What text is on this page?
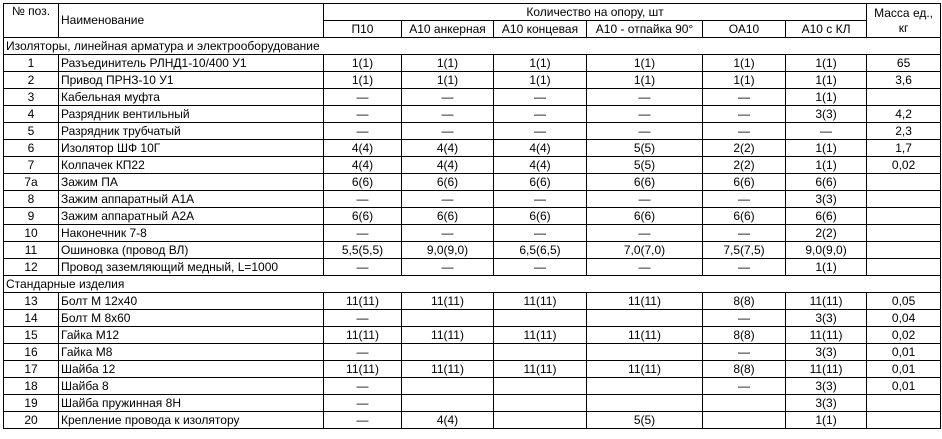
№ поз.	Наименование	Количество на опору, шт						Масса ед.,
кг

		П10	А10 анкерная	А10 концевая	А10 - отпайка 90°	ОА10	А10 с КЛ	
Изоляторы, линейная арматура и электрооборудование								
1	Разъединитель РЛНД1-10/400 У1	1(1)	1(1)	1(1)	1(1)	1(1)	1(1)	65
2	Привод ПРНЗ-10 У1	1(1)	1(1)	1(1)	1(1)	1(1)	1(1)	3,6
3	Кабельная муфта	—	—	—	—	—	1(1)	
4	Разрядник вентильный	—	—	—	—	—	3(3)	4,2
5	Разрядник трубчатый	—	—	—	—	—	—	2,3
6	Изолятор ШФ 10Г	4(4)	4(4)	4(4)	5(5)	2(2)	1(1)	1,7
7	Колпачек КП22	4(4)	4(4)	4(4)	5(5)	2(2)	1(1)	0,02
7а	Зажим ПА	6(6)	6(6)	6(6)	6(6)	6(6)	6(6)	
8	Зажим аппаратный А1А	—	—	—	—	—	3(3)	
9	Зажим аппаратный А2А	6(6)	6(6)	6(6)	6(6)	6(6)	6(6)	
10	Наконечник 7-8	—	—	—	—	—	2(2)	
11	Ошиновка (провод ВЛ)	5,5(5,5)	9,0(9,0)	6,5(6,5)	7,0(7,0)	7,5(7,5)	9,0(9,0)	
12	Провод заземляющий медный, L=1000	—	—	—	—	—	1(1)	
Стандарные изделия								
13	Болт М 12х40	11(11)	11(11)	11(11)	11(11)	8(8)	11(11)	0,05
14	Болт М 8х60	—				—	3(3)	0,04
15	Гайка М12	11(11)	11(11)	11(11)	11(11)	8(8)	11(11)	0,02
16	Гайка М8	—				—	3(3)	0,01
17	Шайба 12	11(11)	11(11)	11(11)	11(11)	8(8)	11(11)	0,01
18	Шайба 8	—				—	3(3)	0,01
19	Шайба пружинная 8Н	—					3(3)	
20	Крепление провода к изолятору	—	4(4)		5(5)		1(1)	
